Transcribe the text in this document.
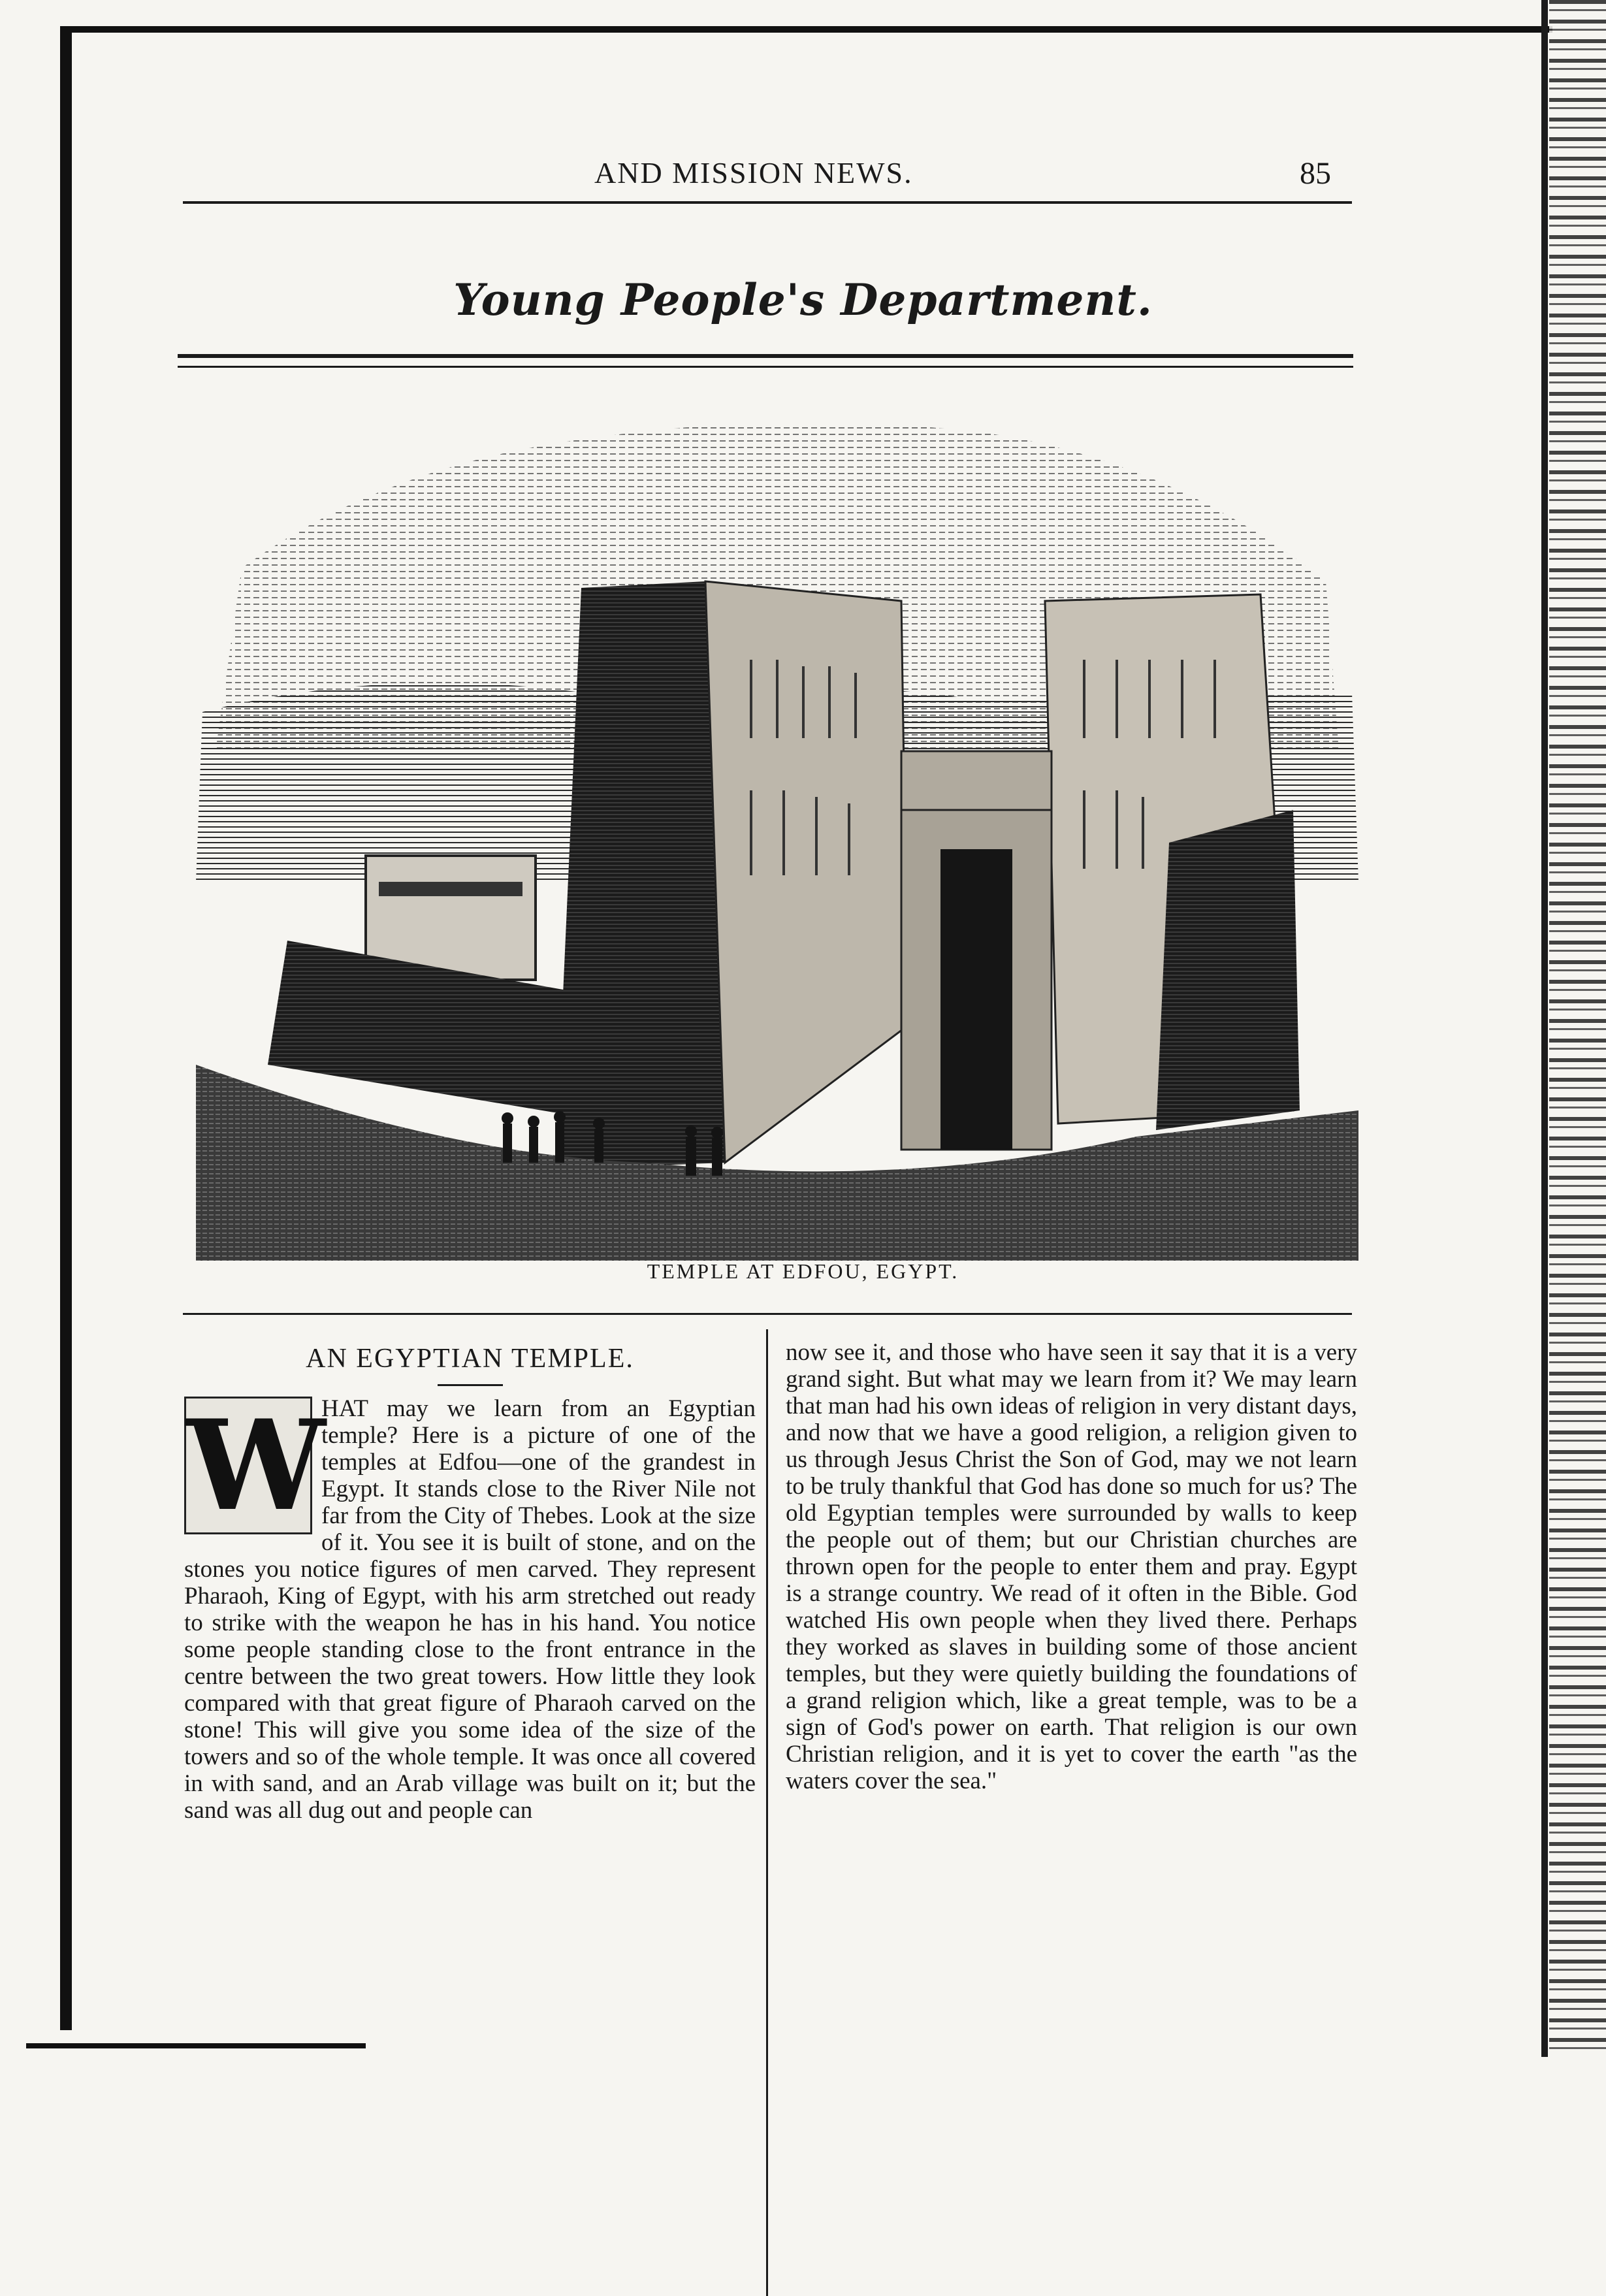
AND MISSION NEWS.	85
Young People's Department.
TEMPLE AT EDFOU, EGYPT.
AN EGYPTIAN TEMPLE.
W

HAT may we learn from an Egyptian temple? Here is a picture of one of the temples at Edfou—one of the grandest in Egypt. It stands close to the River Nile not far from the City of Thebes. Look at the size of it. You see it is built of stone, and on the stones you notice figures of men carved. They represent Pharaoh, King of Egypt, with his arm stretched out ready to strike with the weapon he has in his hand. You notice some people standing close to the front entrance in the centre between the two great towers. How little they look compared with that great figure of Pharaoh carved on the stone! This will give you some idea of the size of the towers and so of the whole temple. It was once all covered in with sand, and an Arab village was built on it; but the sand was all dug out and people can

now see it, and those who have seen it say that it is a very grand sight. But what may we learn from it? We may learn that man had his own ideas of religion in very distant days, and now that we have a good religion, a religion given to us through Jesus Christ the Son of God, may we not learn to be truly thankful that God has done so much for us? The old Egyptian temples were surrounded by walls to keep the people out of them; but our Christian churches are thrown open for the people to enter them and pray. Egypt is a strange country. We read of it often in the Bible. God watched His own people when they lived there. Perhaps they worked as slaves in building some of those ancient temples, but they were quietly building the foundations of a grand religion which, like a great temple, was to be a sign of God's power on earth. That religion is our own Christian religion, and it is yet to cover the earth "as the waters cover the sea."
